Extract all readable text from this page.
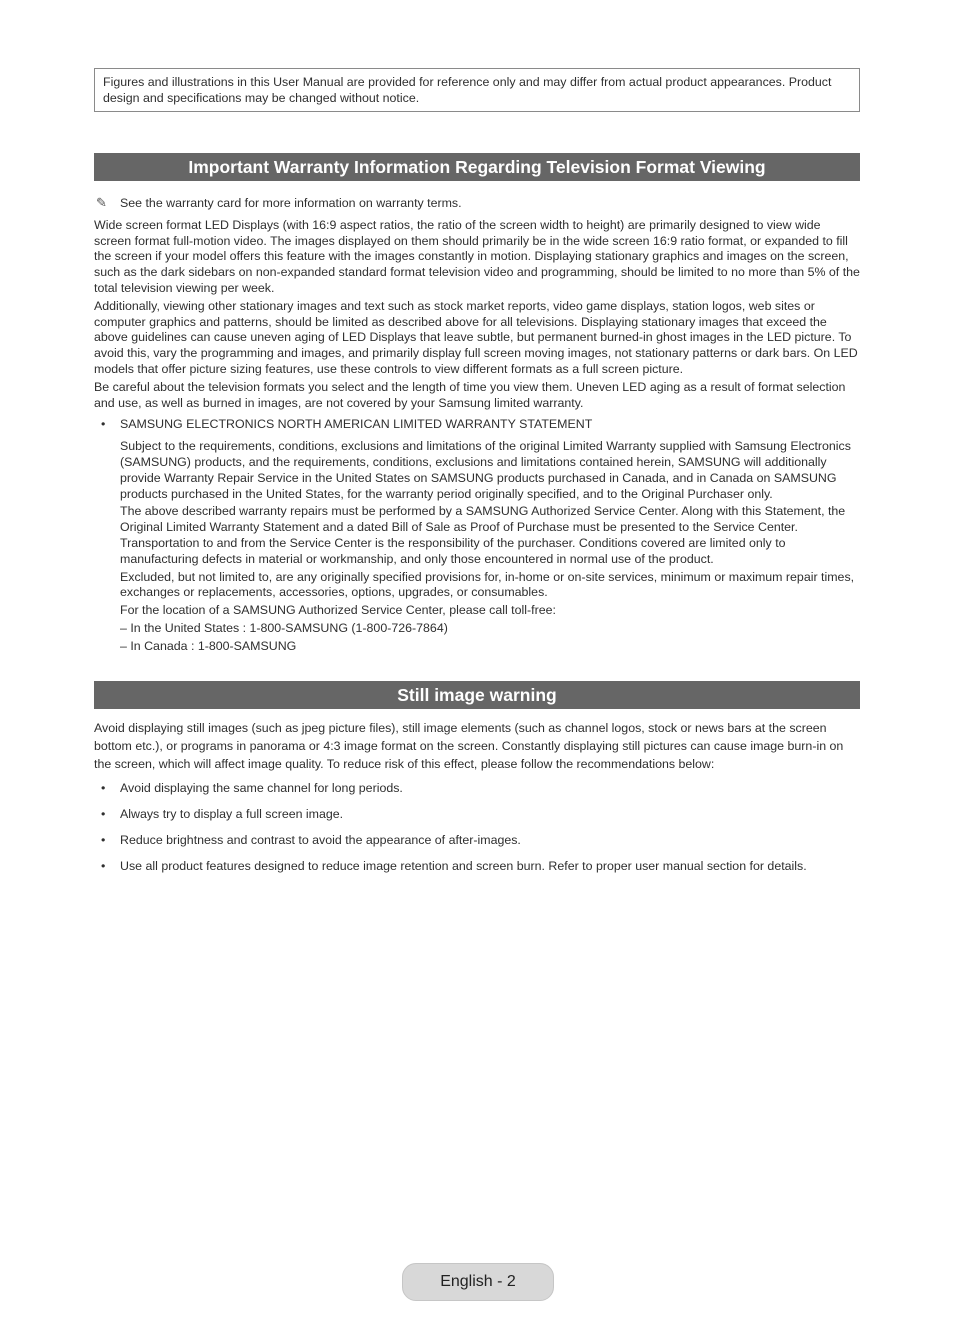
Figures and illustrations in this User Manual are provided for reference only and may differ from actual product appearances. Product design and specifications may be changed without notice.
Important Warranty Information Regarding Television Format Viewing
✎ See the warranty card for more information on warranty terms.

Wide screen format LED Displays (with 16:9 aspect ratios, the ratio of the screen width to height) are primarily designed to view wide screen format full-motion video. The images displayed on them should primarily be in the wide screen 16:9 ratio format, or expanded to fill the screen if your model offers this feature with the images constantly in motion. Displaying stationary graphics and images on the screen, such as the dark sidebars on non-expanded standard format television video and programming, should be limited to no more than 5% of the total television viewing per week.

Additionally, viewing other stationary images and text such as stock market reports, video game displays, station logos, web sites or computer graphics and patterns, should be limited as described above for all televisions. Displaying stationary images that exceed the above guidelines can cause uneven aging of LED Displays that leave subtle, but permanent burned-in ghost images in the LED picture. To avoid this, vary the programming and images, and primarily display full screen moving images, not stationary patterns or dark bars. On LED models that offer picture sizing features, use these controls to view different formats as a full screen picture.

Be careful about the television formats you select and the length of time you view them. Uneven LED aging as a result of format selection and use, as well as burned in images, are not covered by your Samsung limited warranty.

• SAMSUNG ELECTRONICS NORTH AMERICAN LIMITED WARRANTY STATEMENT

Subject to the requirements, conditions, exclusions and limitations of the original Limited Warranty supplied with Samsung Electronics (SAMSUNG) products, and the requirements, conditions, exclusions and limitations contained herein, SAMSUNG will additionally provide Warranty Repair Service in the United States on SAMSUNG products purchased in Canada, and in Canada on SAMSUNG products purchased in the United States, for the warranty period originally specified, and to the Original Purchaser only.

The above described warranty repairs must be performed by a SAMSUNG Authorized Service Center. Along with this Statement, the Original Limited Warranty Statement and a dated Bill of Sale as Proof of Purchase must be presented to the Service Center. Transportation to and from the Service Center is the responsibility of the purchaser. Conditions covered are limited only to manufacturing defects in material or workmanship, and only those encountered in normal use of the product.

Excluded, but not limited to, are any originally specified provisions for, in-home or on-site services, minimum or maximum repair times, exchanges or replacements, accessories, options, upgrades, or consumables.

For the location of a SAMSUNG Authorized Service Center, please call toll-free:

– In the United States : 1-800-SAMSUNG (1-800-726-7864)

– In Canada : 1-800-SAMSUNG

Still image warning

Avoid displaying still images (such as jpeg picture files), still image elements (such as channel logos, stock or news bars at the screen bottom etc.), or programs in panorama or 4:3 image format on the screen. Constantly displaying still pictures can cause image burn-in on the screen, which will affect image quality. To reduce risk of this effect, please follow the recommendations below:

• Avoid displaying the same channel for long periods.
• Always try to display a full screen image.
• Reduce brightness and contrast to avoid the appearance of after-images.
• Use all product features designed to reduce image retention and screen burn. Refer to proper user manual section for details.
English - 2
